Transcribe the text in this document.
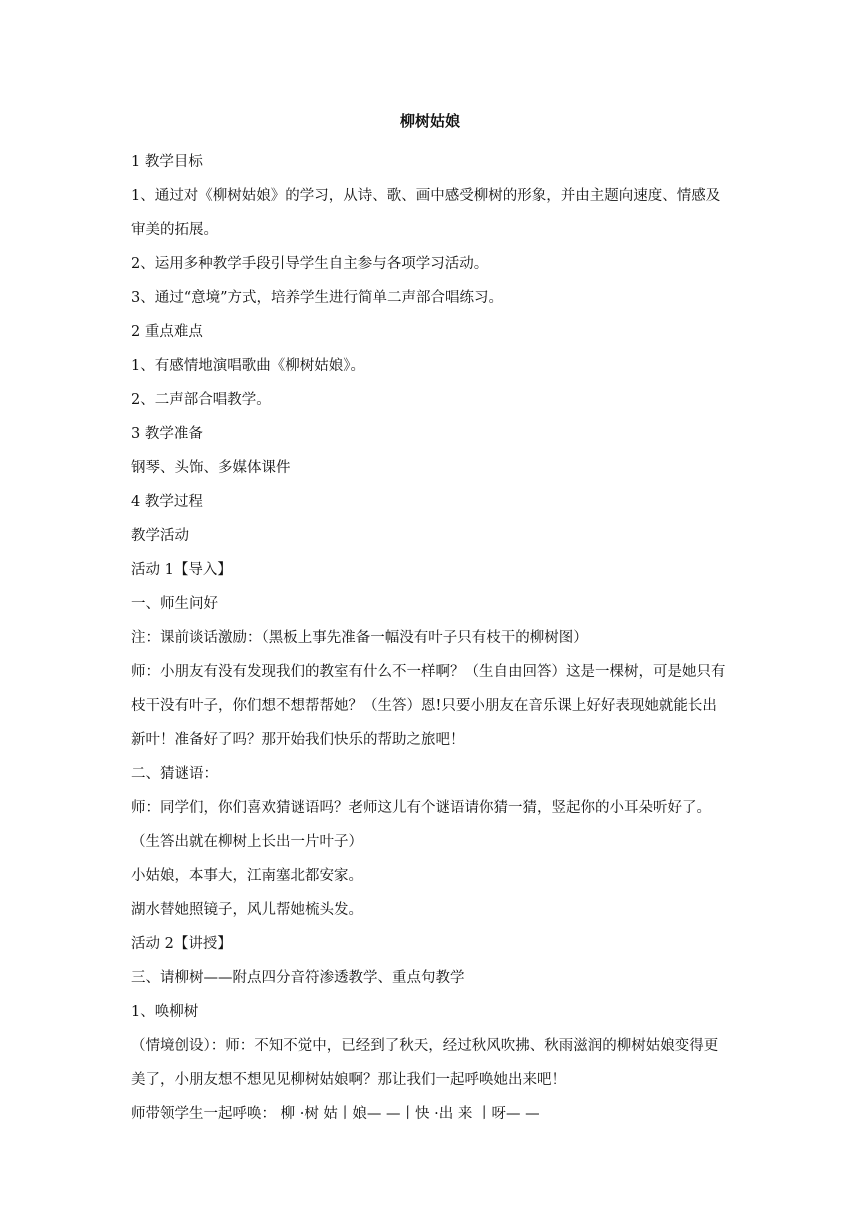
柳树姑娘

1 教学目标

1、通过对《柳树姑娘》的学习，从诗、歌、画中感受柳树的形象，并由主题向速度、情感及审美的拓展。

2、运用多种教学手段引导学生自主参与各项学习活动。

3、通过“意境”方式，培养学生进行简单二声部合唱练习。

2 重点难点

1、有感情地演唱歌曲《柳树姑娘》。

2、二声部合唱教学。

3 教学准备

钢琴、头饰、多媒体课件

4 教学过程

教学活动

活动 1【导入】

一、师生问好

注：课前谈话激励：（黑板上事先准备一幅没有叶子只有枝干的柳树图）

师：小朋友有没有发现我们的教室有什么不一样啊？（生自由回答）这是一棵树，可是她只有枝干没有叶子，你们想不想帮帮她？（生答）恩!只要小朋友在音乐课上好好表现她就能长出新叶！准备好了吗？那开始我们快乐的帮助之旅吧！

二、猜谜语：

师：同学们，你们喜欢猜谜语吗？老师这儿有个谜语请你猜一猜，竖起你的小耳朵听好了。（生答出就在柳树上长出一片叶子）

小姑娘，本事大，江南塞北都安家。

湖水替她照镜子，风儿帮她梳头发。

活动 2【讲授】

三、请柳树——附点四分音符渗透教学、重点句教学

1、唤柳树

（情境创设）：师：不知不觉中，已经到了秋天，经过秋风吹拂、秋雨滋润的柳树姑娘变得更美了，小朋友想不想见见柳树姑娘啊？那让我们一起呼唤她出来吧！

师带领学生一起呼唤： 柳 ·树 姑丨娘— —丨快 ·出 来 丨呀— —
